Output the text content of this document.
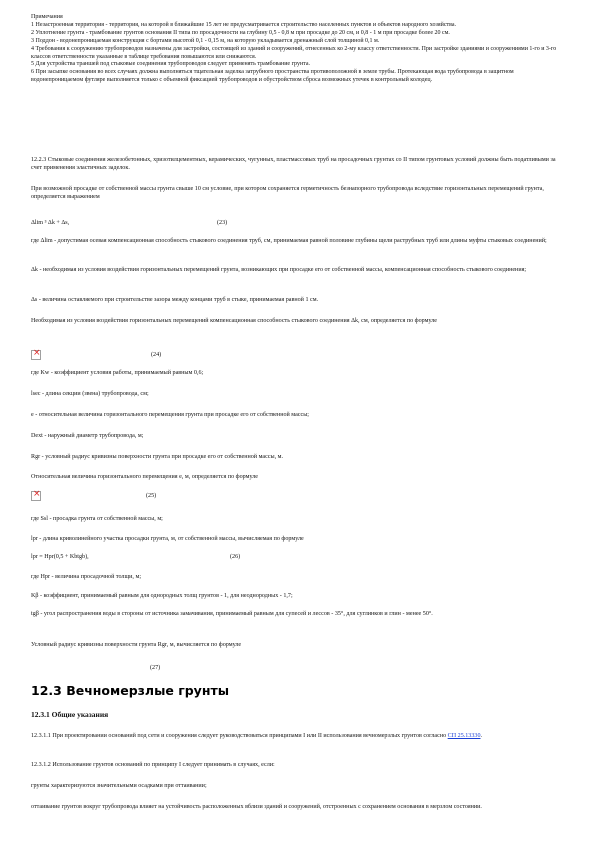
Примечания

1 Незастроенная территория - территория, на которой в ближайшие 15 лет не предусматривается строительство населенных пунктов и объектов народного хозяйства.

2 Уплотнение грунта - трамбование грунтов основания II типа по просадочности на глубину 0,5 - 0,8 м при просадке до 20 см, и 0,8 - 1 м при просадке более 20 см.

3 Поддон - водонепроницаемая конструкция с бортами высотой 0,1 - 0,15 м, на которую укладывается дренажный слой толщиной 0,1 м.

4 Требования к сооружению трубопроводов назначены для застройки, состоящей из зданий и сооружений, отнесенных ко 2-му классу ответственности. При застройке зданиями и сооружениями 1-го и 3-го классов ответственности указанные в таблице требования повышаются или снижаются.

5 Для устройства траншей под стыковые соединения трубопроводов следует применять трамбование грунта.

6 При засыпке основания во всех случаях должна выполняться тщательная заделка затрубного пространства противоположной в земле трубы. Протекающая вода трубопровода в защитном водонепроницаемом футляре выполняется только с объемной фиксацией трубопроводов и обустройством сброса возможных утечек в контрольный колодец.

12.2.3 Стыковые соединения железобетонных, хризотилцементных, керамических, чугунных, пластмассовых труб на просадочных грунтах со II типом грунтовых условий должны быть податливыми за счет применения эластичных заделок.

При возможной просадке от собственной массы грунта свыше 10 см условие, при котором сохраняется герметичность безнапорного трубопровода вследствие горизонтальных перемещений грунта, определяется выражением

Δlim ³ Δk + Δs,	(23)

где Δlim - допустимая осевая компенсационная способность стыкового соединения труб, см, принимаемая равной половине глубины щели раструбных труб или длины муфты стыковых соединений;

Δk - необходимая из условия воздействия горизонтальных перемещений грунта, возникающих при просадке его от собственной массы, компенсационная способность стыкового соединения;

Δs - величина оставляемого при строительстве зазора между концами труб в стыке, принимаемая равной 1 см.

Необходимая из условия воздействия горизонтальных перемещений компенсационная способность стыкового соединения Δk, см, определяется по формуле

×
(24)

где Kw - коэффициент условия работы, принимаемый равным 0,6;

lsec - длина секции (звена) трубопровода, см;

e - относительная величина горизонтального перемещения грунта при просадке его от собственной массы;

Dext - наружный диаметр трубопровода, м;

Rgr - условный радиус кривизны поверхности грунта при просадке его от собственной массы, м.

Относительная величина горизонтального перемещения e, м, определяется по формуле

×
(25)

где Ssl - просадка грунта от собственной массы, м;

lpr - длина криволинейного участка просадки грунта, м, от собственной массы, вычисляемая по формуле

lpr = Hpr(0,5 + Kbtgb),	(26)

где Hpr - величина просадочной толщи, м;

Kβ - коэффициент, принимаемый равным для однородных толщ грунтов - 1, для неоднородных - 1,7;

tgβ - угол распространения воды в стороны от источника замачивания, принимаемый равным для супесей и лессов - 35°, для суглинков и глин - менее 50°.

Условный радиус кривизны поверхности грунта Rgr, м, вычисляется по формуле

(27)
12.3 Вечномерзлые грунты
12.3.1 Общие указания

12.3.1.1 При проектировании оснований под сети и сооружения следует руководствоваться принципами I или II использования вечномерзлых грунтов согласно СП 25.13330.

12.3.1.2 Использование грунтов оснований по принципу I следует принимать в случаях, если:

грунты характеризуются значительными осадками при оттаивании;

оттаивание грунтов вокруг трубопровода влияет на устойчивость расположенных вблизи зданий и сооружений, отстроенных с сохранением основания в мерзлом состоянии.
